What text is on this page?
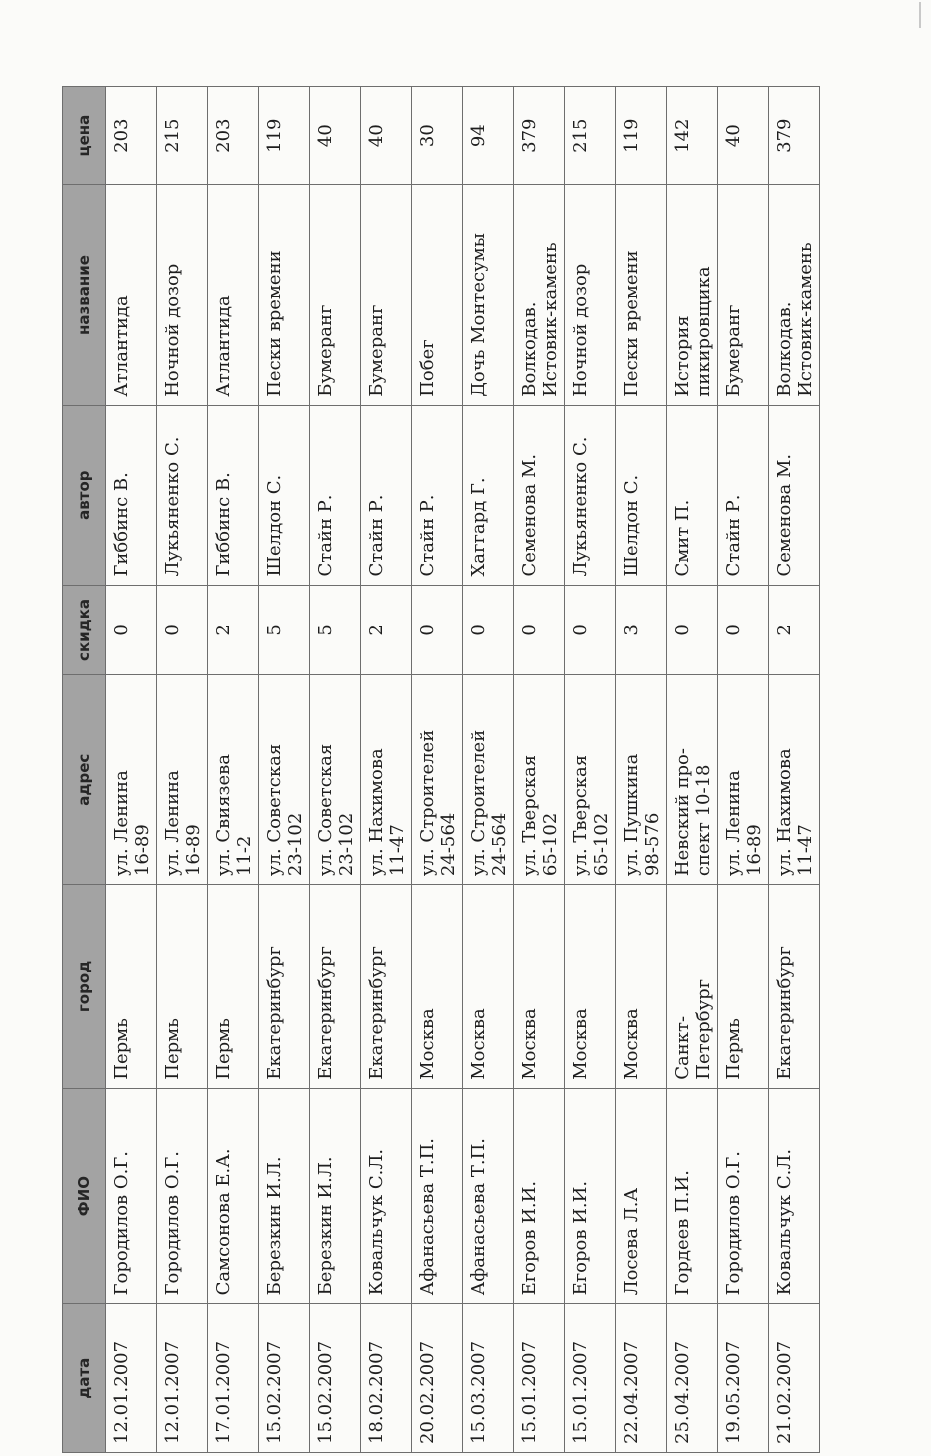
дата	ФИО	город	адрес	скидка	автор	название	цена
12.01.2007	Городилов О.Г.	Пермь	ул. Ленина 16-89	0	Гиббинс В.	Атлантида	203
12.01.2007	Городилов О.Г.	Пермь	ул. Ленина 16-89	0	Лукьяненко С.	Ночной дозор	215
17.01.2007	Самсонова Е.А.	Пермь	ул. Свиязева 11-2	2	Гиббинс В.	Атлантида	203
15.02.2007	Березкин И.Л.	Екатеринбург	ул. Советская 23-102	5	Шелдон С.	Пески времени	119
15.02.2007	Березкин И.Л.	Екатеринбург	ул. Советская 23-102	5	Стайн Р.	Бумеранг	40
18.02.2007	Ковальчук С.Л.	Екатеринбург	ул. Нахимова 11-47	2	Стайн Р.	Бумеранг	40
20.02.2007	Афанасьева Т.П.	Москва	ул. Строителей 24-564	0	Стайн Р.	Побег	30
15.03.2007	Афанасьева Т.П.	Москва	ул. Строителей 24-564	0	Хаггард Г.	Дочь Монтесумы	94
15.01.2007	Егоров И.И.	Москва	ул. Тверская 65-102	0	Семенова М.	Волкодав. Истовик-камень	379
15.01.2007	Егоров И.И.	Москва	ул. Тверская 65-102	0	Лукьяненко С.	Ночной дозор	215
22.04.2007	Лосева Л.А	Москва	ул. Пушкина 98-576	3	Шелдон С.	Пески времени	119
25.04.2007	Гордеев П.И.	Санкт- Петербург	Невский про- спект 10-18	0	Смит П.	История пикировщика	142
19.05.2007	Городилов О.Г.	Пермь	ул. Ленина 16-89	0	Стайн Р.	Бумеранг	40
21.02.2007	Ковальчук С.Л.	Екатеринбург	ул. Нахимова 11-47	2	Семенова М.	Волкодав. Истовик-камень	379
